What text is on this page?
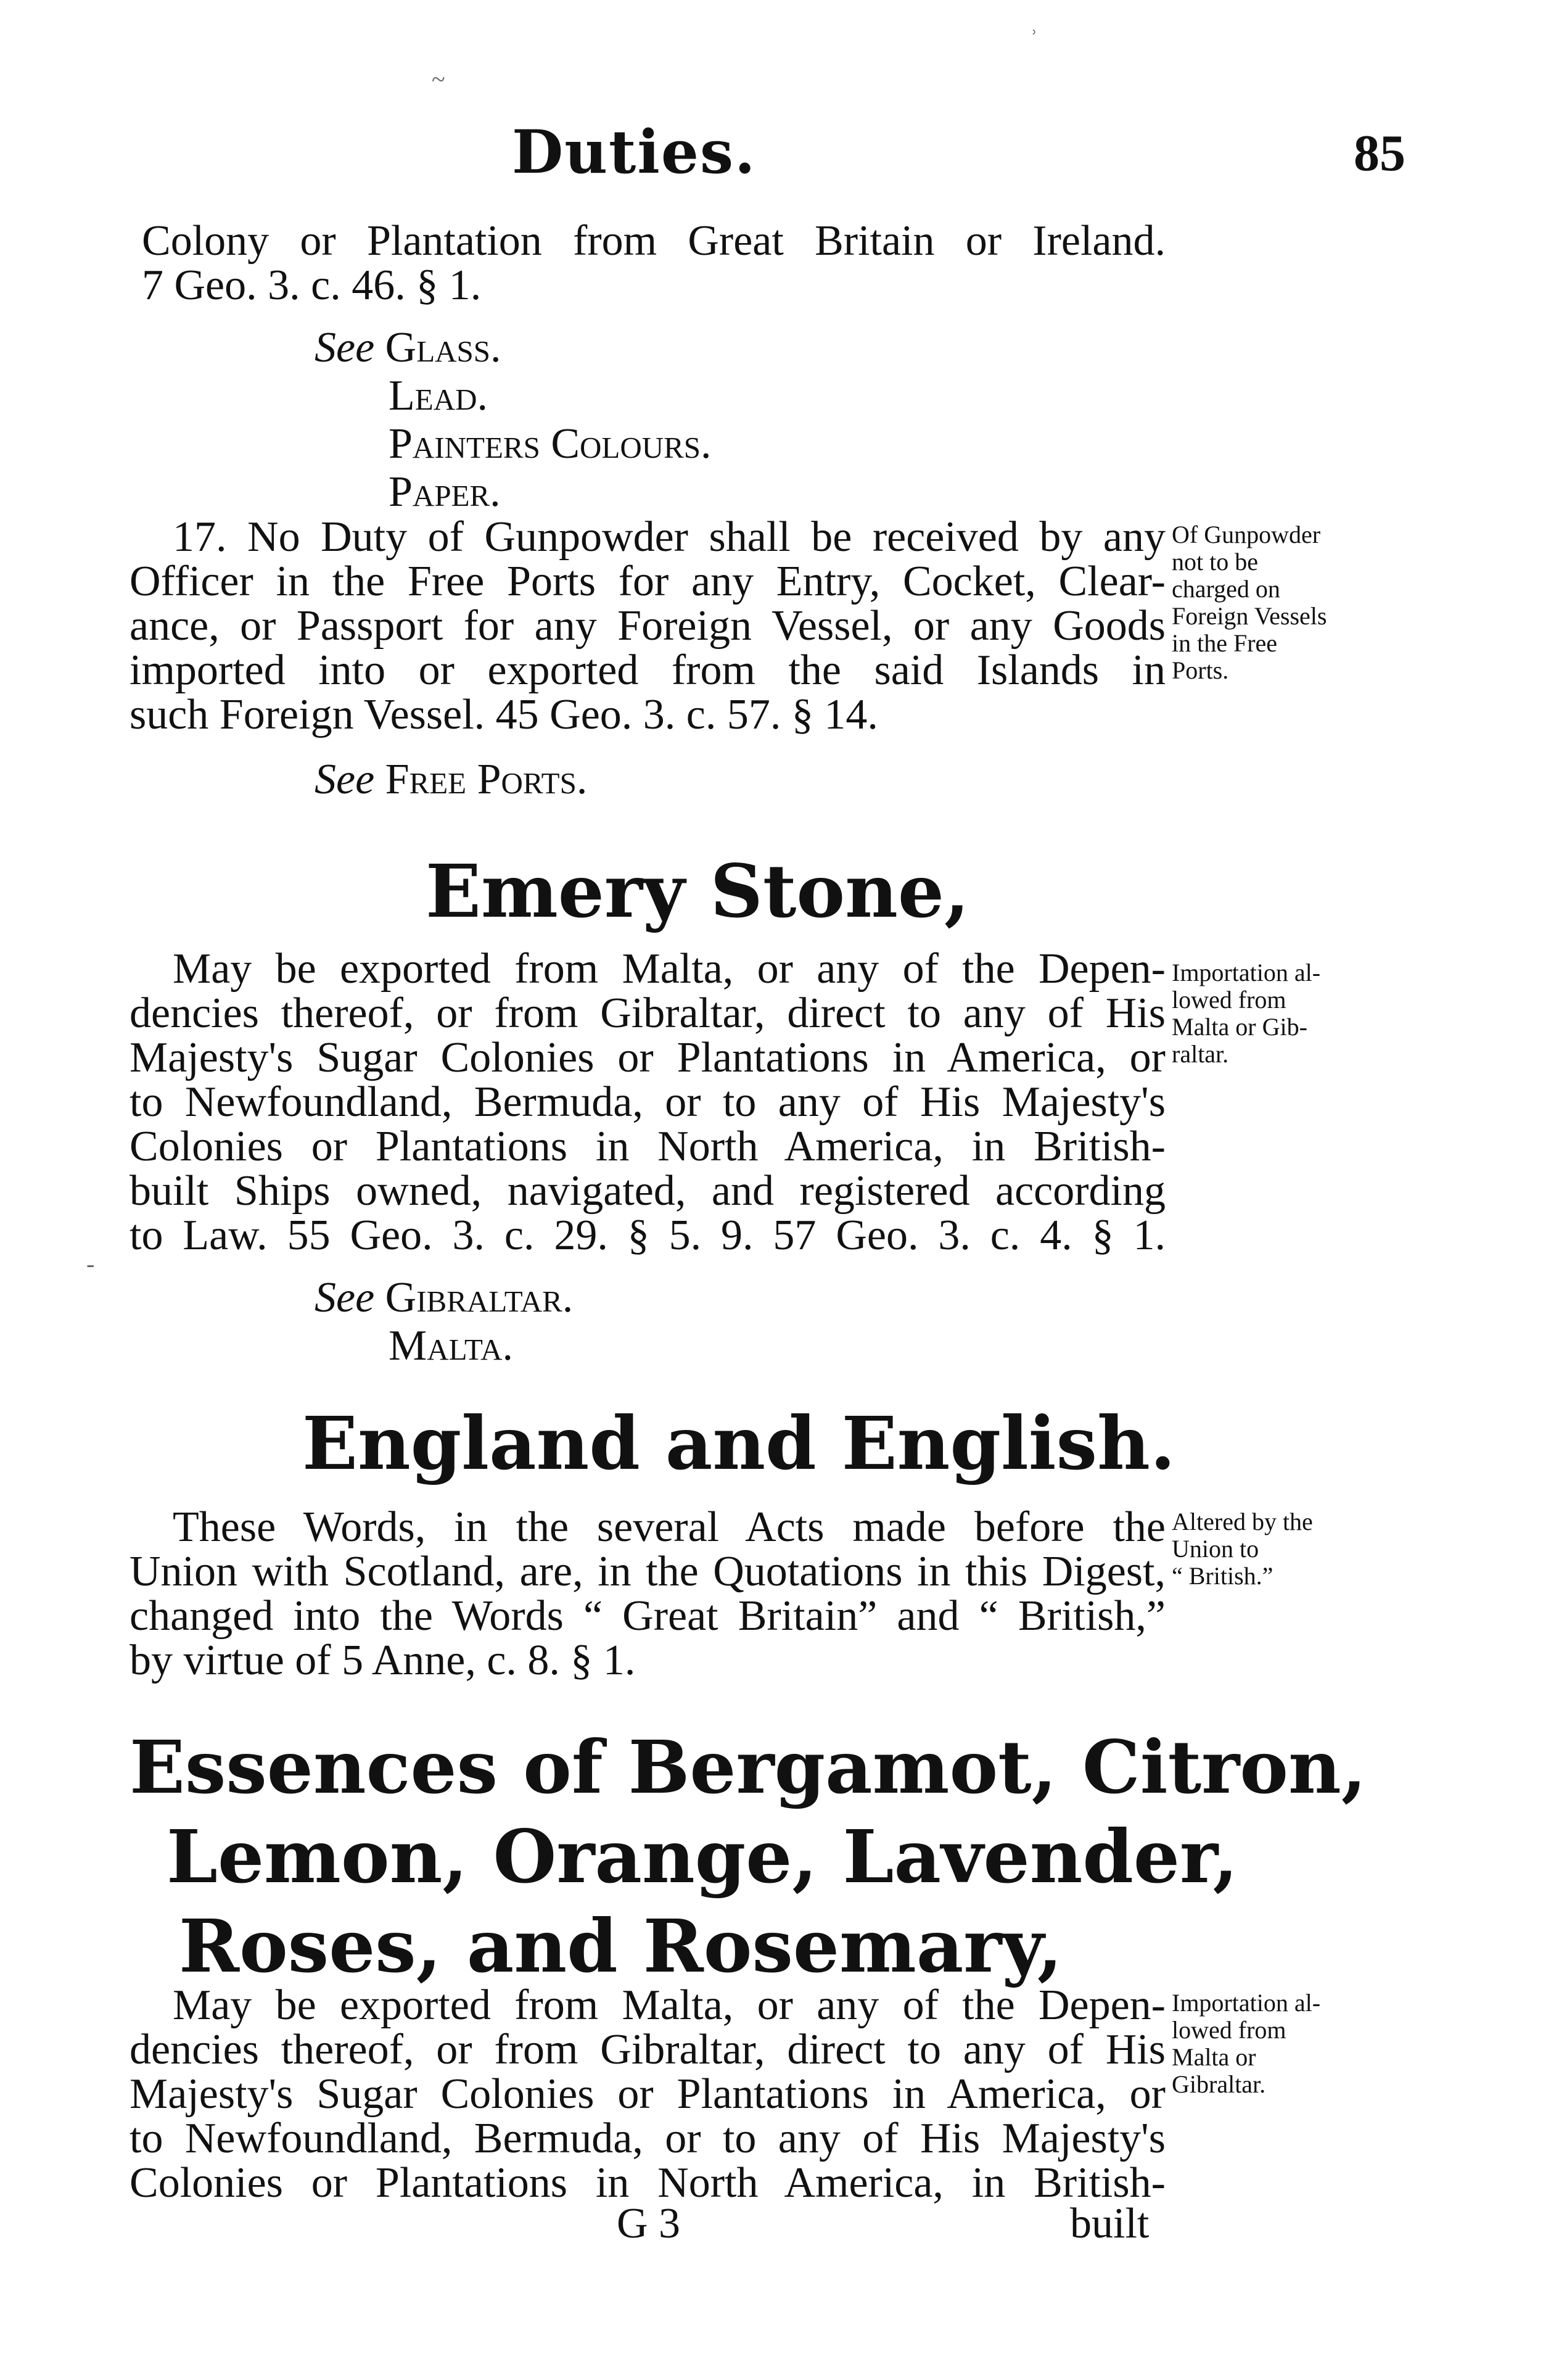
Duties.	85
Colony or Plantation from Great Britain or Ireland.
7 Geo. 3. c. 46. § 1.
See Glass.
Lead.
Painters Colours.
Paper.
17. No Duty of Gunpowder shall be received by any
Officer in the Free Ports for any Entry, Cocket, Clear-
ance, or Passport for any Foreign Vessel, or any Goods
imported into or exported from the said Islands in
such Foreign Vessel. 45 Geo. 3. c. 57. § 14.
See Free Ports.
Of Gunpowder
not to be
charged on
Foreign Vessels
in the Free
Ports.
Emery Stone,
May be exported from Malta, or any of the Depen-
dencies thereof, or from Gibraltar, direct to any of His
Majesty's Sugar Colonies or Plantations in America, or
to Newfoundland, Bermuda, or to any of His Majesty's
Colonies or Plantations in North America, in British-
built Ships owned, navigated, and registered according
to Law. 55 Geo. 3. c. 29. § 5. 9. 57 Geo. 3. c. 4. § 1.
See Gibraltar.
Malta.
Importation al-
lowed from
Malta or Gib-
raltar.
England and English.
These Words, in the several Acts made before the
Union with Scotland, are, in the Quotations in this Digest,
changed into the Words “ Great Britain” and “ British,”
by virtue of 5 Anne, c. 8. § 1.
Altered by the
Union to
“ British.”
Essences of Bergamot, Citron,
Lemon, Orange, Lavender,
Roses, and Rosemary,
May be exported from Malta, or any of the Depen-
dencies thereof, or from Gibraltar, direct to any of His
Majesty's Sugar Colonies or Plantations in America, or
to Newfoundland, Bermuda, or to any of His Majesty's
Colonies or Plantations in North America, in British-
Importation al-
lowed from
Malta or
Gibraltar.
G 3	built
ʾ
~
-
